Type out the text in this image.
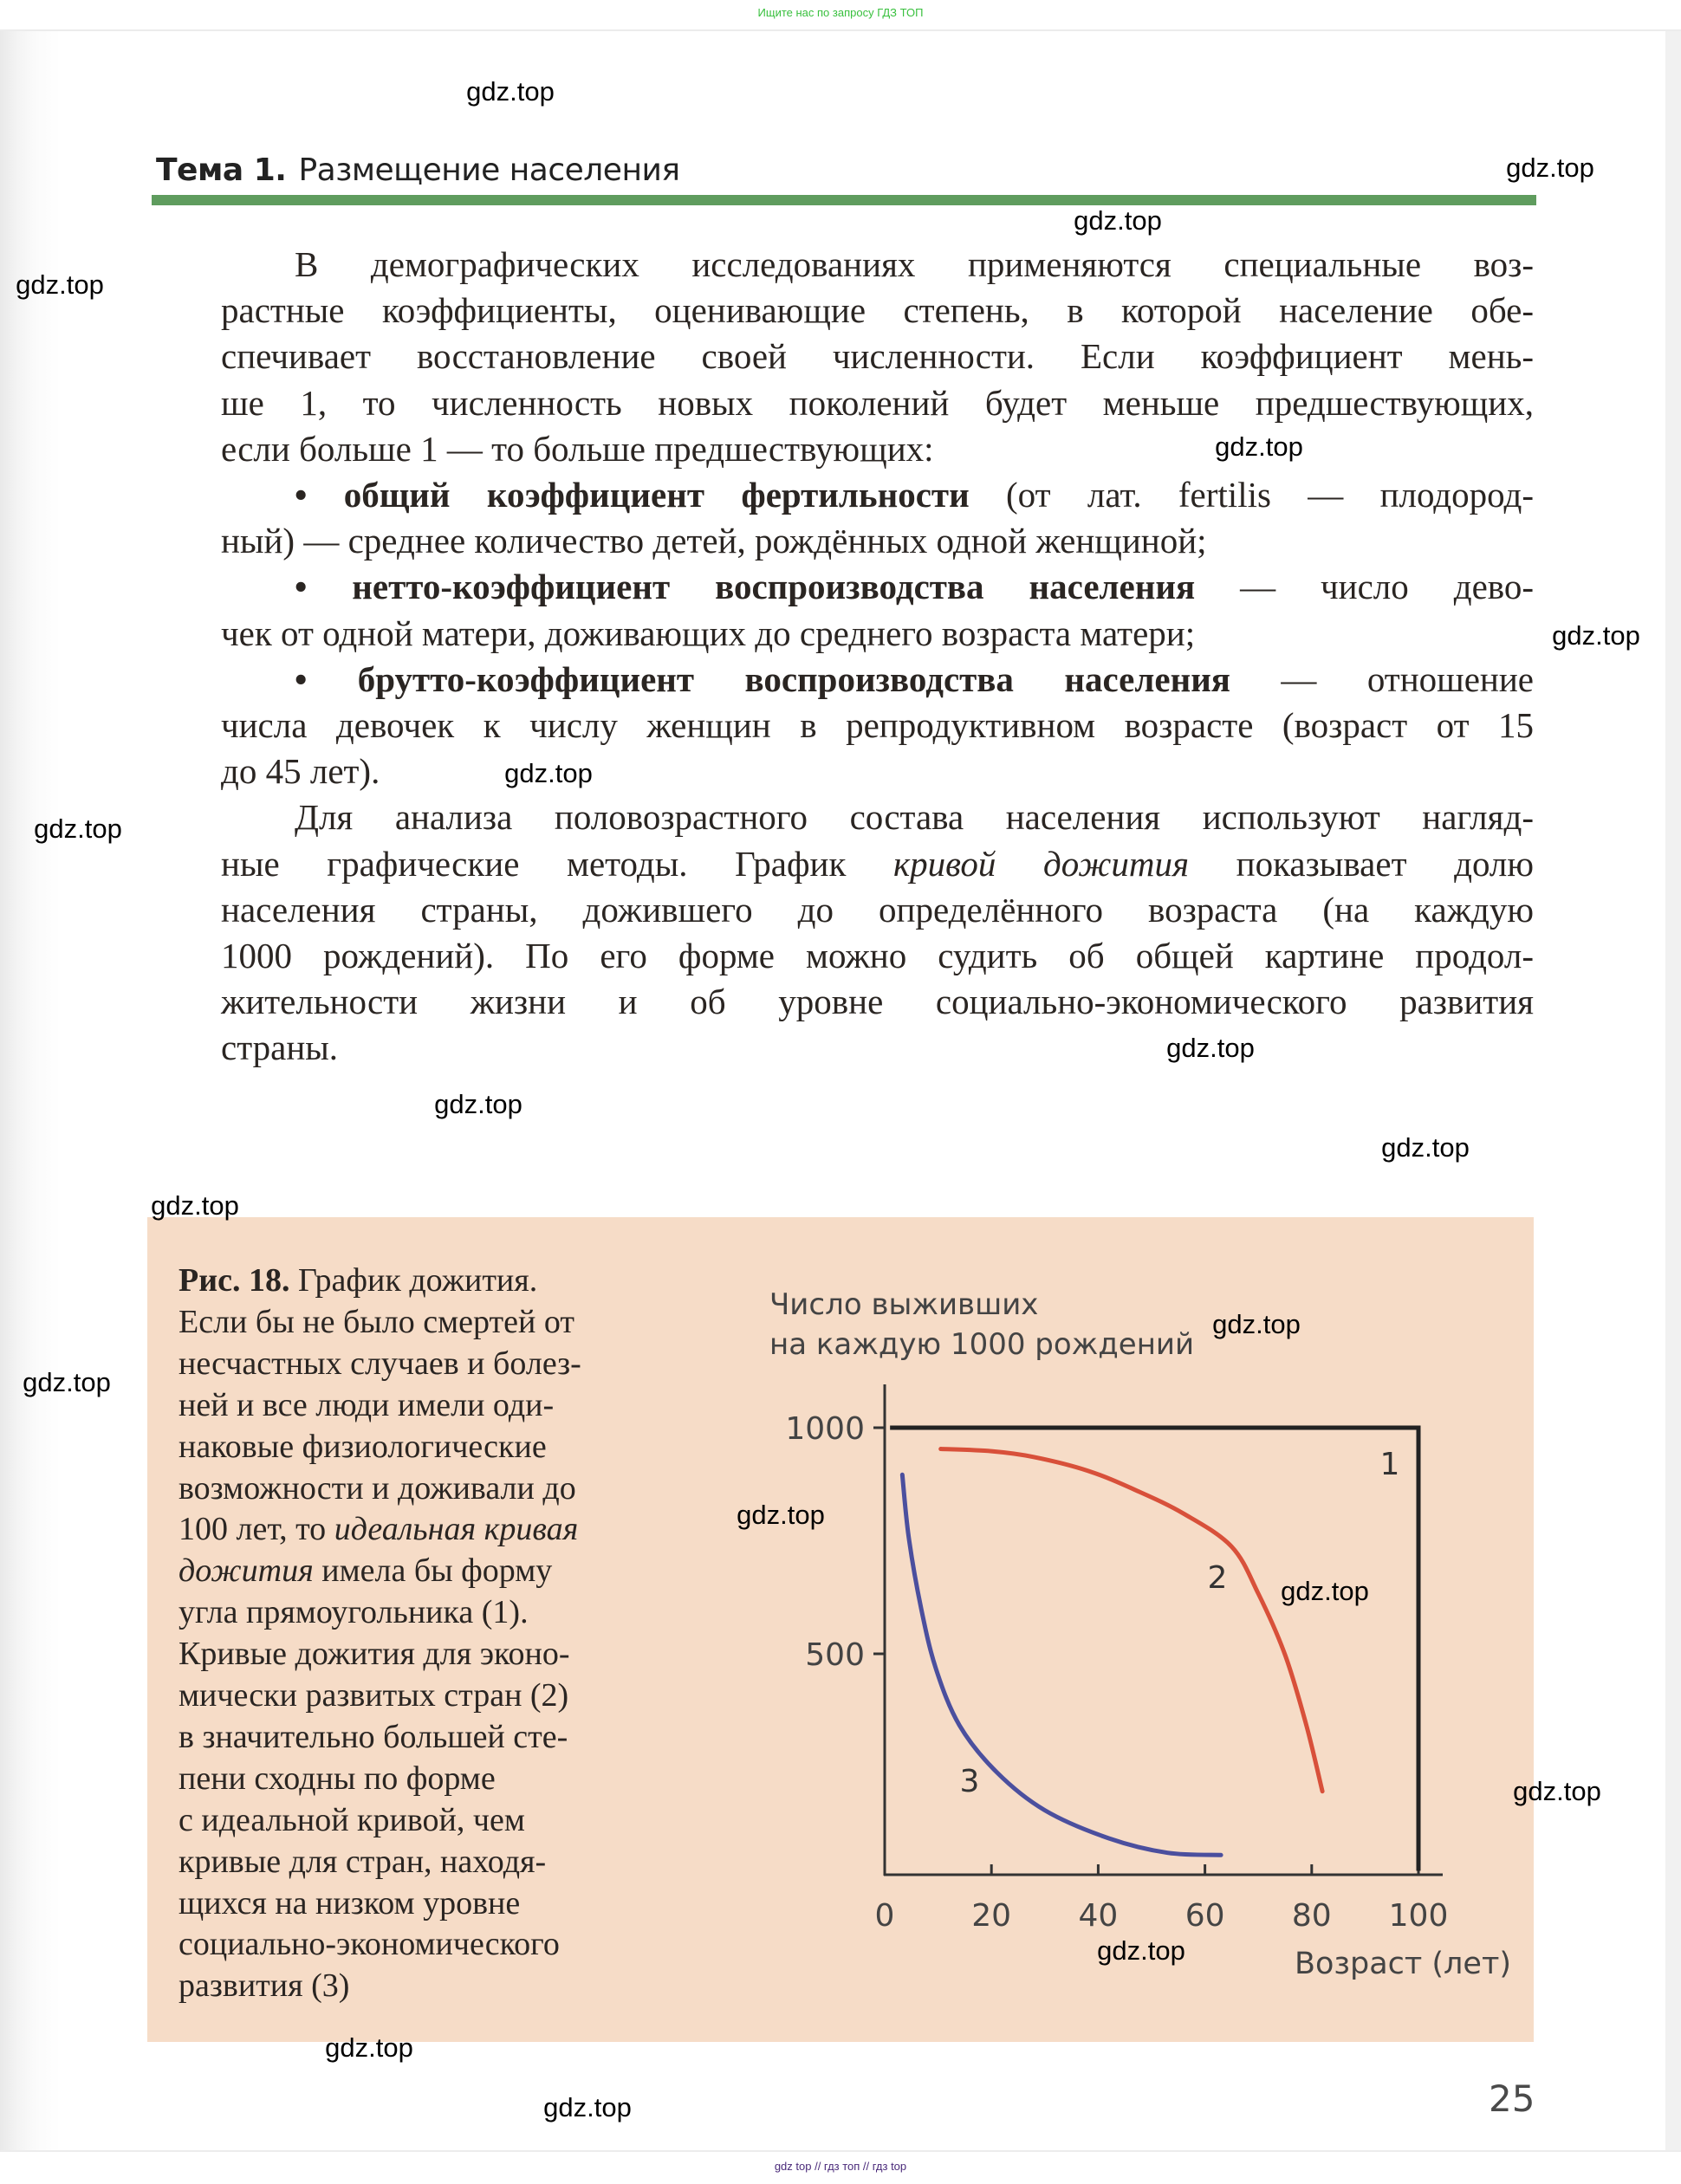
Ищите нас по запросу ГДЗ ТОП
Тема 1. Размещение населения
В демографических исследованиях применяются специальные воз-
растные коэффициенты, оценивающие степень, в которой население обе-
спечивает восстановление своей численности. Если коэффициент мень-
ше 1, то численность новых поколений будет меньше предшествующих,
если больше 1 — то больше предшествующих:
• общий коэффициент фертильности (от лат. fertilis — плодород-
ный) — среднее количество детей, рождённых одной женщиной;
• нетто-коэффициент воспроизводства населения — число дево-
чек от одной матери, доживающих до среднего возраста матери;
• брутто-коэффициент воспроизводства населения — отношение
числа девочек к числу женщин в репродуктивном возрасте (возраст от 15
до 45 лет).
Для анализа половозрастного состава населения используют нагляд-
ные графические методы. График кривой дожития показывает долю
населения страны, дожившего до определённого возраста (на каждую
1000 рождений). По его форме можно судить об общей картине продол-
жительности жизни и об уровне социально-экономического развития
страны.
Рис. 18. График дожития.
Если бы не было смертей от
несчастных случаев и болез-
ней и все люди имели оди-
наковые физиологические
возможности и доживали до
100 лет, то идеальная кривая
дожития имела бы форму
угла прямоугольника (1).
Кривые дожития для эконо-
мически развитых стран (2)
в значительно большей сте-
пени сходны по форме
с идеальной кривой, чем
кривые для стран, находя-
щихся на низком уровне
социально-экономического
развития (3)
Число выживших
на каждую 1000 рождений
Возраст (лет)
0 20 40 60 80 100
500
1000
1
2
3
25
gdz top // гдз топ // гдз top
gdz.top
gdz.top
gdz.top
gdz.top
gdz.top
gdz.top
gdz.top
gdz.top
gdz.top
gdz.top
gdz.top
gdz.top
gdz.top
gdz.top
gdz.top
gdz.top
gdz.top
gdz.top
gdz.top
gdz.top
